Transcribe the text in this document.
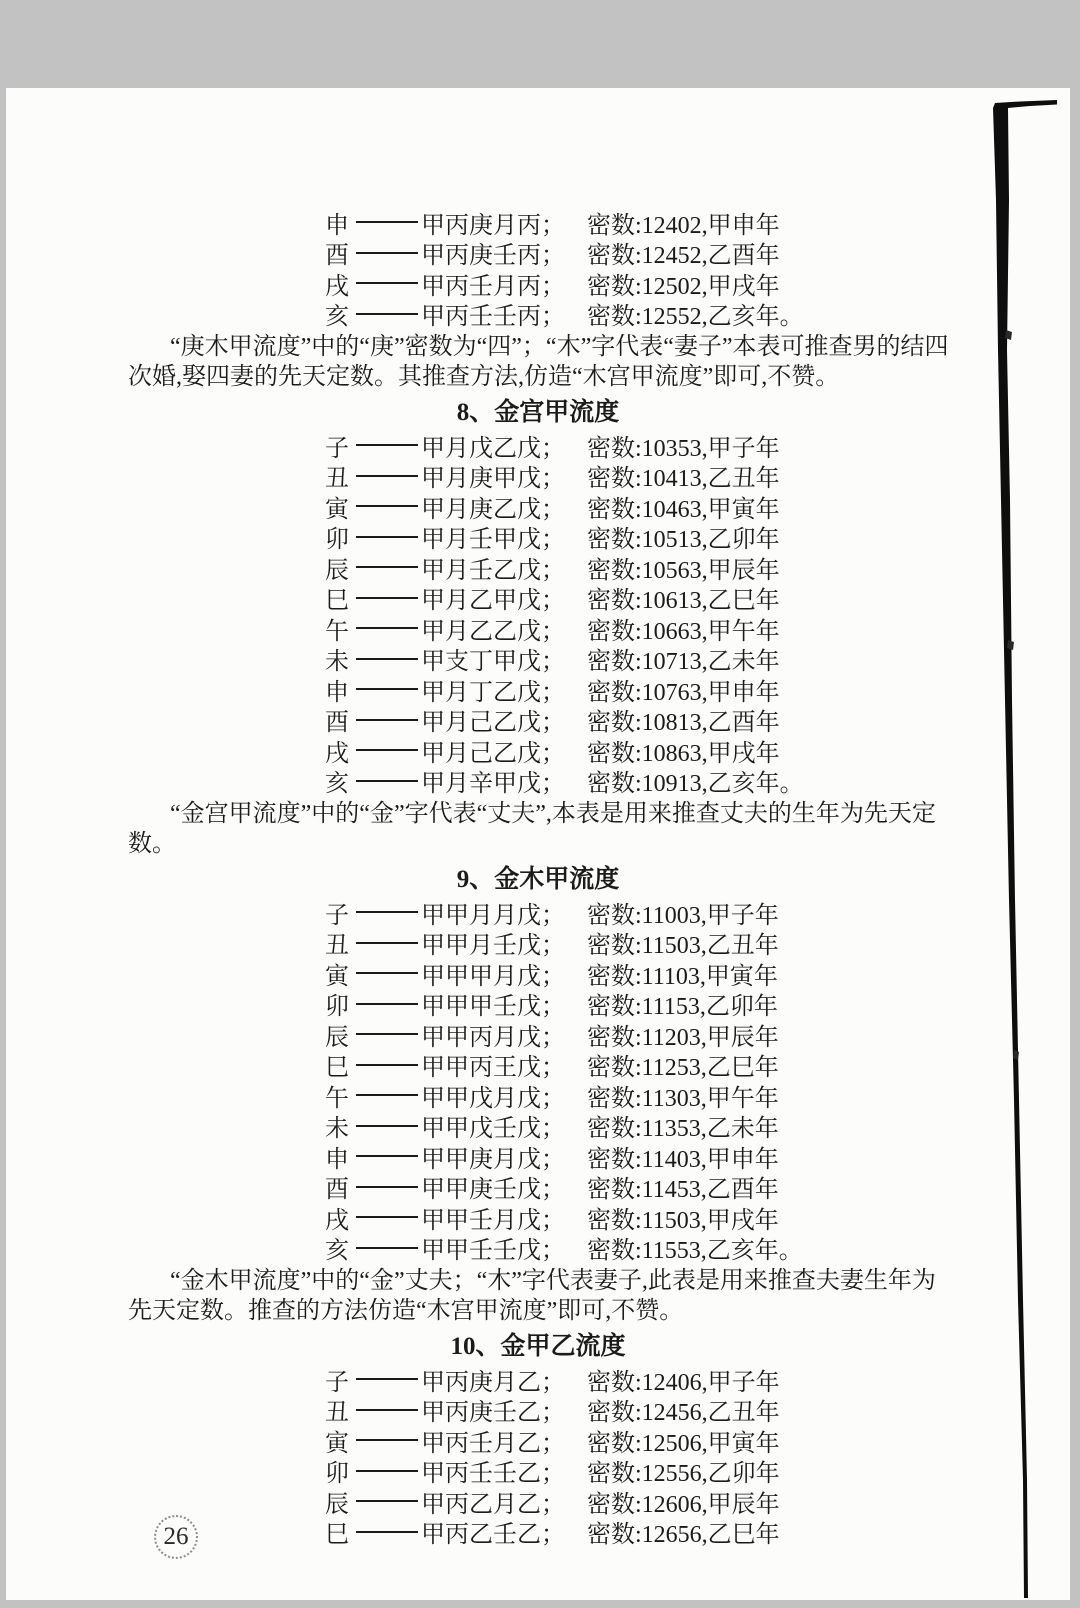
申	甲丙庚月丙； 密数:12402,甲申年
酉	甲丙庚壬丙； 密数:12452,乙酉年
戌	甲丙壬月丙； 密数:12502,甲戌年
亥	甲丙壬壬丙； 密数:12552,乙亥年。
“庚木甲流度”中的“庚”密数为“四”；“木”字代表“妻子”本表可推查男的结四
次婚,娶四妻的先天定数。其推查方法,仿造“木宫甲流度”即可,不赞。
8、金宫甲流度
子	甲月戊乙戊； 密数:10353,甲子年
丑	甲月庚甲戊； 密数:10413,乙丑年
寅	甲月庚乙戊； 密数:10463,甲寅年
卯	甲月壬甲戊； 密数:10513,乙卯年
辰	甲月壬乙戊； 密数:10563,甲辰年
巳	甲月乙甲戊； 密数:10613,乙巳年
午	甲月乙乙戊； 密数:10663,甲午年
未	甲支丁甲戊； 密数:10713,乙未年
申	甲月丁乙戊； 密数:10763,甲申年
酉	甲月己乙戊； 密数:10813,乙酉年
戌	甲月己乙戊； 密数:10863,甲戌年
亥	甲月辛甲戊； 密数:10913,乙亥年。
“金宫甲流度”中的“金”字代表“丈夫”,本表是用来推查丈夫的生年为先天定数。
9、金木甲流度
子	甲甲月月戊； 密数:11003,甲子年
丑	甲甲月壬戊； 密数:11503,乙丑年
寅	甲甲甲月戊； 密数:11103,甲寅年
卯	甲甲甲壬戊； 密数:11153,乙卯年
辰	甲甲丙月戊； 密数:11203,甲辰年
巳	甲甲丙王戊； 密数:11253,乙巳年
午	甲甲戊月戊； 密数:11303,甲午年
未	甲甲戊壬戊； 密数:11353,乙未年
申	甲甲庚月戊； 密数:11403,甲申年
酉	甲甲庚壬戊； 密数:11453,乙酉年
戌	甲甲壬月戊； 密数:11503,甲戌年
亥	甲甲壬壬戊； 密数:11553,乙亥年。
“金木甲流度”中的“金”丈夫；“木”字代表妻子,此表是用来推查夫妻生年为
先天定数。推查的方法仿造“木宫甲流度”即可,不赞。
10、金甲乙流度
子	甲丙庚月乙； 密数:12406,甲子年
丑	甲丙庚壬乙； 密数:12456,乙丑年
寅	甲丙壬月乙； 密数:12506,甲寅年
卯	甲丙壬壬乙； 密数:12556,乙卯年
辰	甲丙乙月乙； 密数:12606,甲辰年
巳	甲丙乙壬乙； 密数:12656,乙巳年
26
